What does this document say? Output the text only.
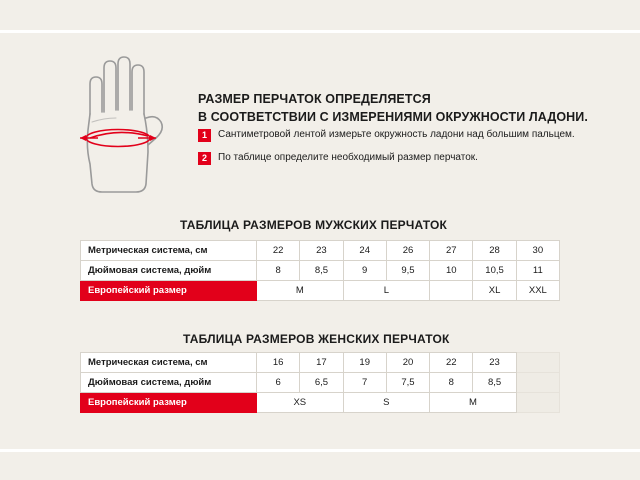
РАЗМЕР ПЕРЧАТОК ОПРЕДЕЛЯЕТСЯ
В СООТВЕТСТВИИ С ИЗМЕРЕНИЯМИ ОКРУЖНОСТИ ЛАДОНИ.
1	Сантиметровой лентой измерьте окружность ладони над большим пальцем.
2	По таблице определите необходимый размер перчаток.
ТАБЛИЦА РАЗМЕРОВ МУЖСКИХ ПЕРЧАТОК
Метрическая система, см	22	23	24	26	27	28	30
Дюймовая система, дюйм	8	8,5	9	9,5	10	10,5	11
Европейский размер	M		L			XL	XXL
ТАБЛИЦА РАЗМЕРОВ ЖЕНСКИХ ПЕРЧАТОК
Метрическая система, см	16	17	19	20	22	23	
Дюймовая система, дюйм	6	6,5	7	7,5	8	8,5	
Европейский размер	XS		S		M		
